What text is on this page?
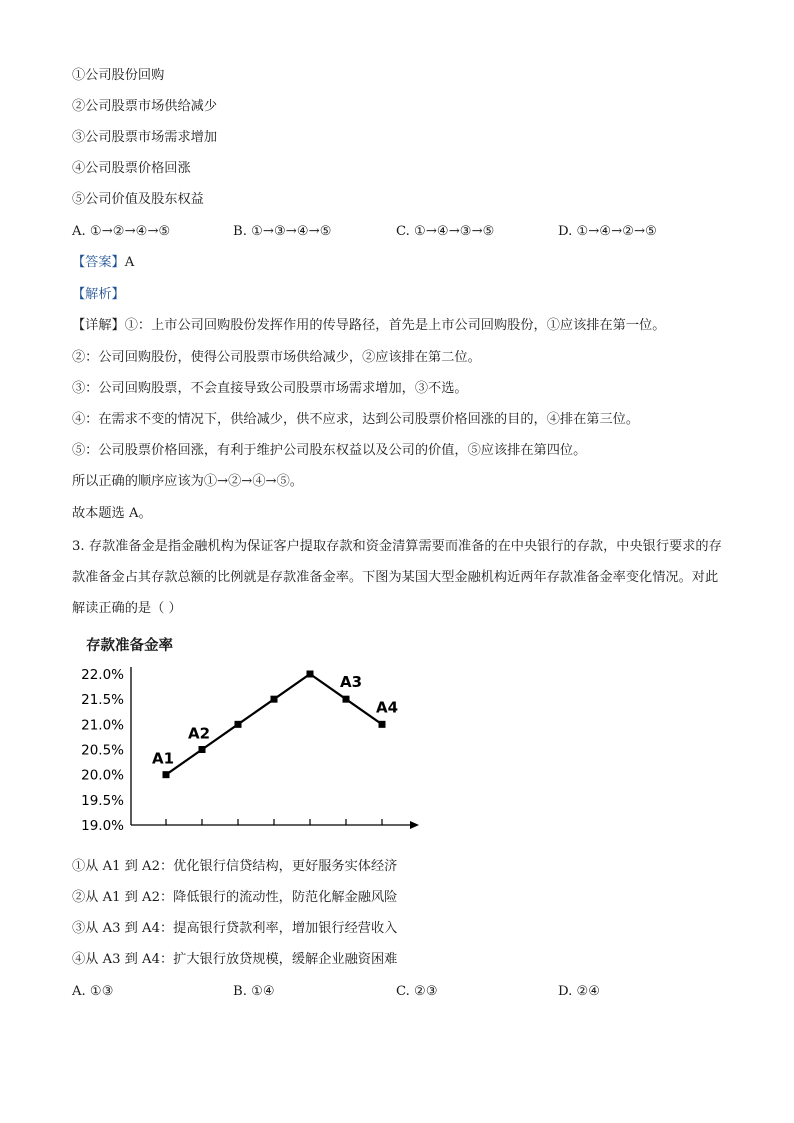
①公司股份回购
②公司股票市场供给减少
③公司股票市场需求增加
④公司股票价格回涨
⑤公司价值及股东权益
A. ①→②→④→⑤	B. ①→③→④→⑤	C. ①→④→③→⑤	D. ①→④→②→⑤
【答案】A
【解析】
【详解】①：上市公司回购股份发挥作用的传导路径，首先是上市公司回购股份，①应该排在第一位。
②：公司回购股份，使得公司股票市场供给减少，②应该排在第二位。
③：公司回购股票，不会直接导致公司股票市场需求增加，③不选。
④：在需求不变的情况下，供给减少，供不应求，达到公司股票价格回涨的目的，④排在第三位。
⑤：公司股票价格回涨，有利于维护公司股东权益以及公司的价值，⑤应该排在第四位。
所以正确的顺序应该为①→②→④→⑤。
故本题选 A。

3. 存款准备金是指金融机构为保证客户提取存款和资金清算需要而准备的在中央银行的存款，中央银行要求的存款准备金占其存款总额的比例就是存款准备金率。下图为某国大型金融机构近两年存款准备金率变化情况。对此解读正确的是（ ）

存款准备金率
22.0%
21.5%
21.0%
20.5%
20.0%
19.5%
19.0%
A1
A2
A3
A4
①从 A1 到 A2：优化银行信贷结构，更好服务实体经济
②从 A1 到 A2：降低银行的流动性，防范化解金融风险
③从 A3 到 A4：提高银行贷款利率，增加银行经营收入
④从 A3 到 A4：扩大银行放贷规模，缓解企业融资困难
A. ①③	B. ①④	C. ②③	D. ②④
